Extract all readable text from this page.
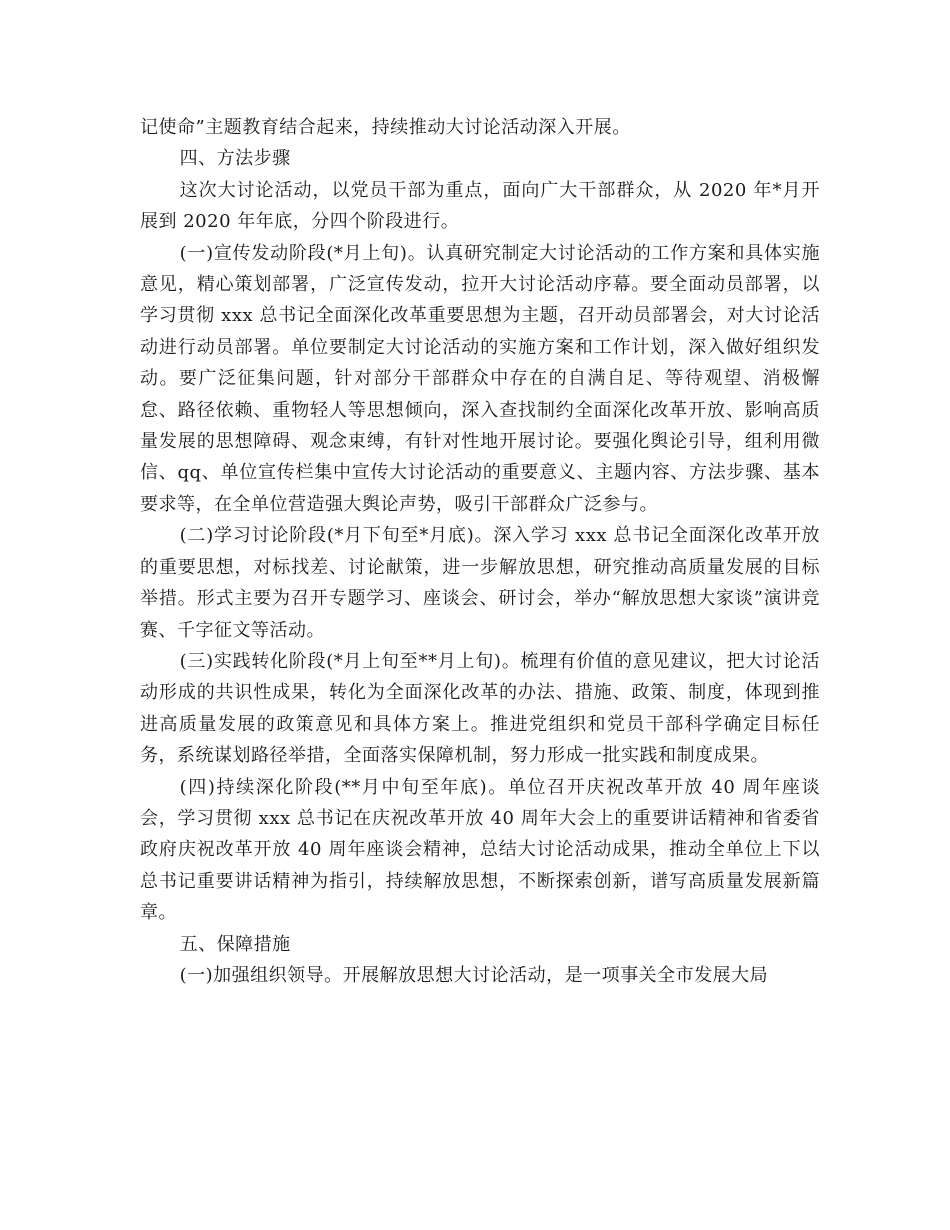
记使命”主题教育结合起来，持续推动大讨论活动深入开展。

四、方法步骤

这次大讨论活动，以党员干部为重点，面向广大干部群众，从 2020 年*月开展到 2020 年年底，分四个阶段进行。

(一)宣传发动阶段(*月上旬)。认真研究制定大讨论活动的工作方案和具体实施意见，精心策划部署，广泛宣传发动，拉开大讨论活动序幕。要全面动员部署，以学习贯彻 xxx 总书记全面深化改革重要思想为主题，召开动员部署会，对大讨论活动进行动员部署。单位要制定大讨论活动的实施方案和工作计划，深入做好组织发动。要广泛征集问题，针对部分干部群众中存在的自满自足、等待观望、消极懈怠、路径依赖、重物轻人等思想倾向，深入查找制约全面深化改革开放、影响高质量发展的思想障碍、观念束缚，有针对性地开展讨论。要强化舆论引导，组利用微信、qq、单位宣传栏集中宣传大讨论活动的重要意义、主题内容、方法步骤、基本要求等，在全单位营造强大舆论声势，吸引干部群众广泛参与。

(二)学习讨论阶段(*月下旬至*月底)。深入学习 xxx 总书记全面深化改革开放的重要思想，对标找差、讨论献策，进一步解放思想，研究推动高质量发展的目标举措。形式主要为召开专题学习、座谈会、研讨会，举办“解放思想大家谈”演讲竞赛、千字征文等活动。

(三)实践转化阶段(*月上旬至**月上旬)。梳理有价值的意见建议，把大讨论活动形成的共识性成果，转化为全面深化改革的办法、措施、政策、制度，体现到推进高质量发展的政策意见和具体方案上。推进党组织和党员干部科学确定目标任务，系统谋划路径举措，全面落实保障机制，努力形成一批实践和制度成果。

(四)持续深化阶段(**月中旬至年底)。单位召开庆祝改革开放 40 周年座谈会，学习贯彻 xxx 总书记在庆祝改革开放 40 周年大会上的重要讲话精神和省委省政府庆祝改革开放 40 周年座谈会精神，总结大讨论活动成果，推动全单位上下以总书记重要讲话精神为指引，持续解放思想，不断探索创新，谱写高质量发展新篇章。

五、保障措施

(一)加强组织领导。开展解放思想大讨论活动，是一项事关全市发展大局
